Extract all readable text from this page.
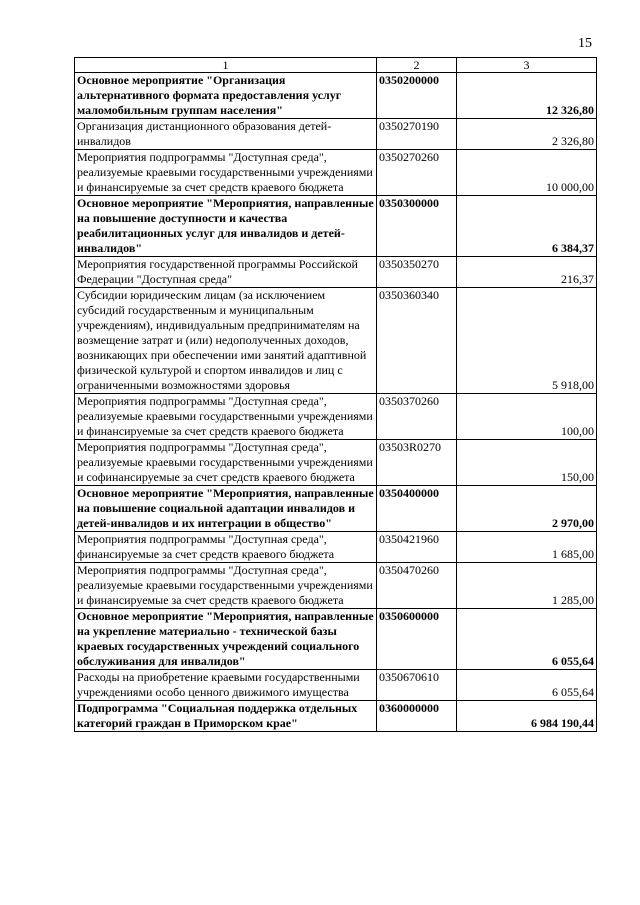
15
1	2	3
Основное мероприятие "Организация альтернативного формата предоставления услуг маломобильным группам населения"	0350200000	12 326,80
Организация дистанционного образования детей-инвалидов	0350270190	2 326,80
Мероприятия подпрограммы "Доступная среда", реализуемые краевыми государственными учреждениями и финансируемые за счет средств краевого бюджета	0350270260	10 000,00
Основное мероприятие "Мероприятия, направленные на повышение доступности и качества реабилитационных услуг для инвалидов и детей-инвалидов"	0350300000	6 384,37
Мероприятия государственной программы Российской Федерации "Доступная среда"	0350350270	216,37
Субсидии юридическим лицам (за исключением субсидий государственным и муниципальным учреждениям), индивидуальным предпринимателям на возмещение затрат и (или) недополученных доходов, возникающих при обеспечении ими занятий адаптивной физической культурой и спортом инвалидов и лиц с ограниченными возможностями здоровья	0350360340	5 918,00
Мероприятия подпрограммы "Доступная среда", реализуемые краевыми государственными учреждениями и финансируемые за счет средств краевого бюджета	0350370260	100,00
Мероприятия подпрограммы "Доступная среда", реализуемые краевыми государственными учреждениями и софинансируемые за счет средств краевого бюджета	03503R0270	150,00
Основное мероприятие "Мероприятия, направленные на повышение социальной адаптации инвалидов и детей-инвалидов и их интеграции в общество"	0350400000	2 970,00
Мероприятия подпрограммы "Доступная среда", финансируемые за счет средств краевого бюджета	0350421960	1 685,00
Мероприятия подпрограммы "Доступная среда", реализуемые краевыми государственными учреждениями и финансируемые за счет средств краевого бюджета	0350470260	1 285,00
Основное мероприятие "Мероприятия, направленные на укрепление материально - технической базы краевых государственных учреждений социального обслуживания для инвалидов"	0350600000	6 055,64
Расходы на приобретение краевыми государственными учреждениями особо ценного движимого имущества	0350670610	6 055,64
Подпрограмма "Социальная поддержка отдельных категорий граждан в Приморском крае"	0360000000	6 984 190,44
